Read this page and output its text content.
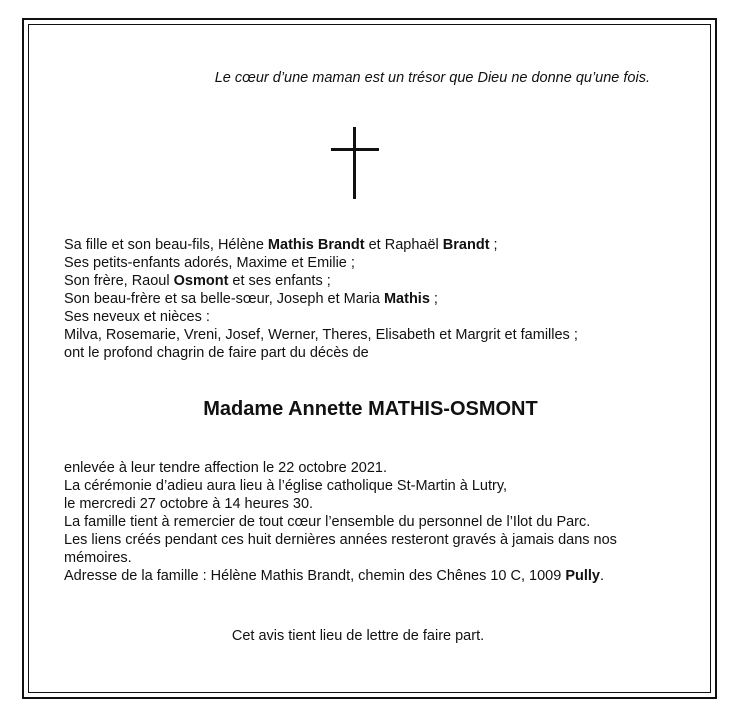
Le cœur d’une maman est un trésor que Dieu ne donne qu’une fois.
Sa fille et son beau-fils, Hélène Mathis Brandt et Raphaël Brandt ;
Ses petits-enfants adorés, Maxime et Emilie ;
Son frère, Raoul Osmont et ses enfants ;
Son beau-frère et sa belle-sœur, Joseph et Maria Mathis ;
Ses neveux et nièces :
Milva, Rosemarie, Vreni, Josef, Werner, Theres, Elisabeth et Margrit et familles ;
ont le profond chagrin de faire part du décès de
Madame Annette MATHIS-OSMONT

enlevée à leur tendre affection le 22 octobre 2021.

La cérémonie d’adieu aura lieu à l’église catholique St-Martin à Lutry,

le mercredi 27 octobre à 14 heures 30.

La famille tient à remercier de tout cœur l’ensemble du personnel de l’Ilot du Parc.

Les liens créés pendant ces huit dernières années resteront gravés à jamais dans nos mémoires.

Adresse de la famille : Hélène Mathis Brandt, chemin des Chênes 10 C, 1009 Pully.

Cet avis tient lieu de lettre de faire part.
